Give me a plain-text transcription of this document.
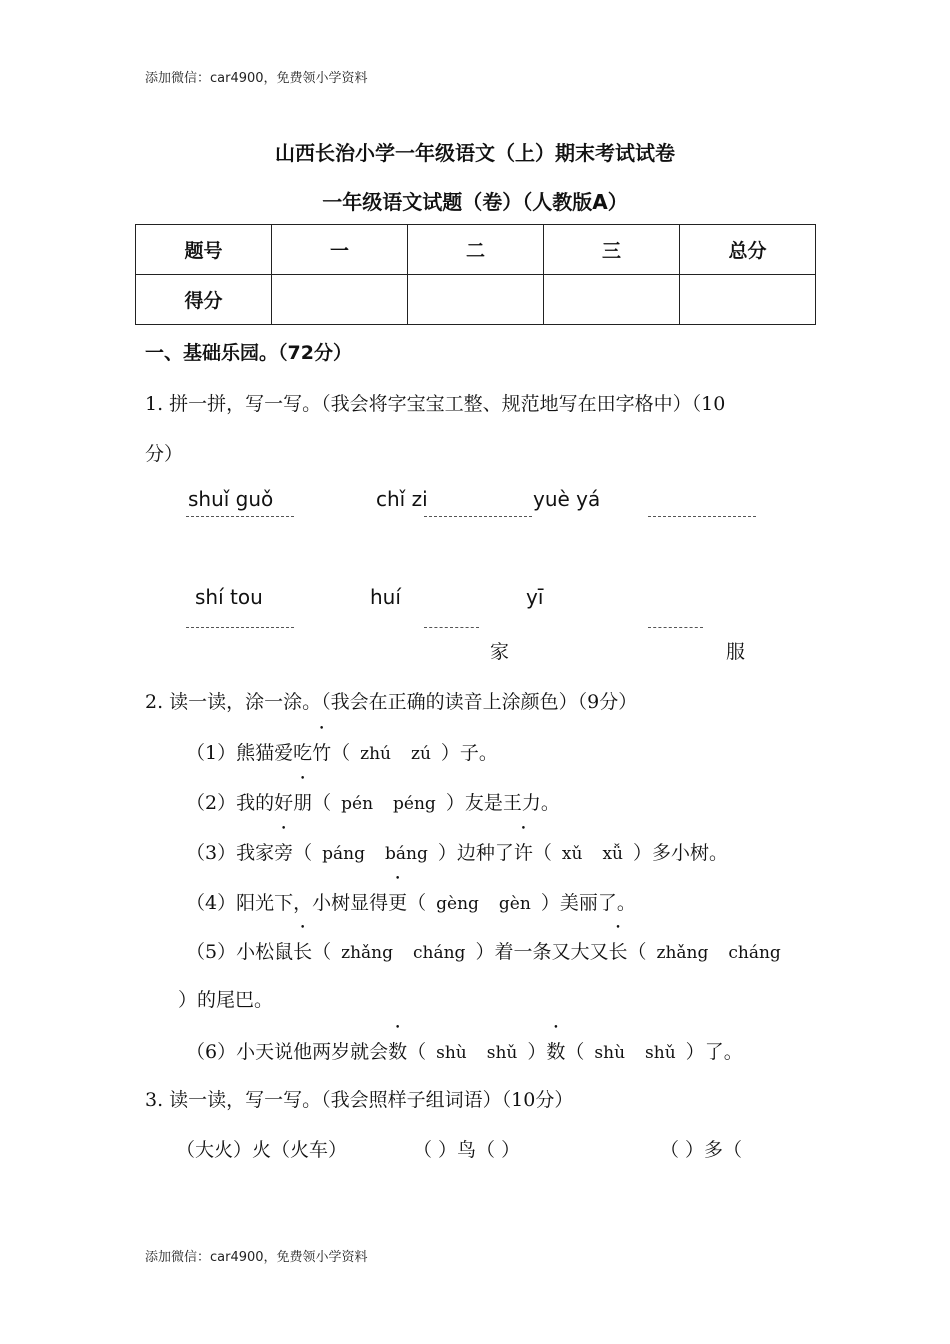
添加微信：car4900，免费领小学资料
山西长治小学一年级语文（上）期末考试试卷
一年级语文试题（卷）（人教版A）
题号	一	二	三	总分
得分				
一、基础乐园。（72分）
1. 拼一拼，写一写。（我会将字宝宝工整、规范地写在田字格中）（10
分）
shuǐ guǒ	chǐ zi	yuè yá
shí tou	huí	yī
家	服
2. 读一读，涂一涂。（我会在正确的读音上涂颜色）（9分）
（1）熊猫爱吃竹（ zhú zú ）子。
（2）我的好朋（ pén péng ）友是王力。
（3）我家旁（ páng báng ）边种了许（ xǔ xǚ ）多小树。
（4）阳光下，小树显得更（ gèng gèn ）美丽了。
（5）小松鼠长（ zhǎng cháng ）着一条又大又长（ zhǎng cháng
）的尾巴。
（6）小天说他两岁就会数（ shù shǔ ）数（ shù shǔ ）了。
3. 读一读，写一写。（我会照样子组词语）（10分）
（大火）火（火车）	（ ）鸟（ ）	（ ）多（
添加微信：car4900，免费领小学资料
